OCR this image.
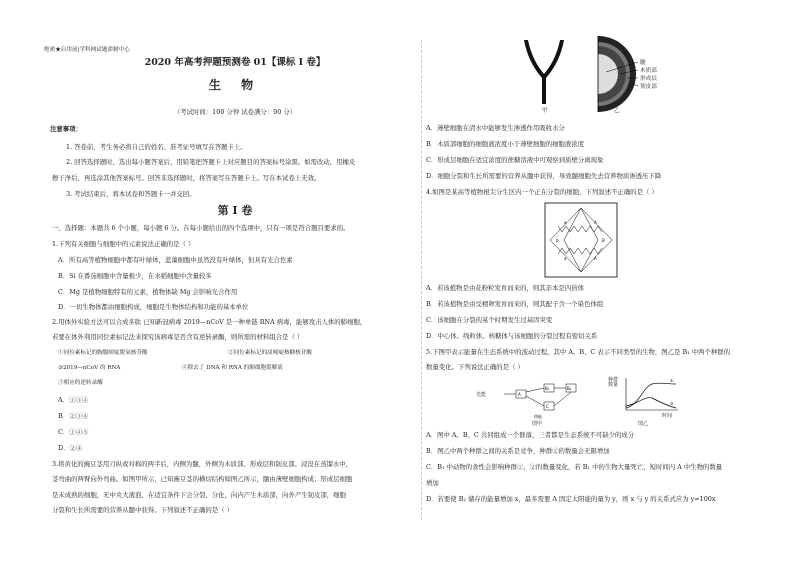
绝密★启用前|学科网试题命制中心
2020 年高考押题预测卷 01【课标 I 卷】
生 物
（考试时间：100 分钟 试卷满分：90 分）
注意事项：
1. 答卷前，考生务必将自己的姓名、准考证号填写在答题卡上。
2. 回答选择题时，选出每小题答案后，用铅笔把答题卡上对应题目的答案标号涂黑。如需改动，用橡皮
擦干净后，再选涂其他答案标号。回答非选择题时，将答案写在答题卡上。写在本试卷上无效。
3. 考试结束后，将本试卷和答题卡一并交回。
第 I 卷
一、选择题：本题共 6 个小题，每小题 6 分。在每小题给出的四个选项中，只有一项是符合题目要求的。
1.下列有关细胞与细胞中的元素说法正确的是（ ）
A．所有高等植物细胞中都有叶绿体，蓝藻细胞中虽然没有叶绿体，但具有光合色素
B．Si 在番茄细胞中含量极少，在水稻细胞中含量较多
C．Mg 是植物细胞特有的元素，植物体缺 Mg 会影响光合作用
D．一切生物体都由细胞构成，细胞是生物体结构和功能的基本单位
2.用体外实验方法可以合成多肽 已知新冠病毒 2019—nCoV 是一种单链 RNA 病毒，能够攻击人体的肺细胞，
若要在体外利用同位素标记法来探究该病毒是否含有逆转录酶，则所需的材料组合是（ ）
①同位素标记的胸腺嘧啶脱氧核苷酸	②同位素标记的尿嘧啶核糖核苷酸
③2019—nCoV 的 RNA	④除去了 DNA 和 RNA 的肺细胞裂解液
⑤相应的逆转录酶
A．①③④
B．②③④
C．①④⑤
D．②④
3.将黄化的豌豆茎用刀纵或对称的两半后，内侧为髓，外侧为木质部、形成层和韧皮部。浸没在蒸馏水中，
茎弯曲的两臂向外弯曲。如图甲所示，已知豌豆茎的横切结构如图乙所示，髓由薄壁细胞构成；形成层细胞
是未成熟的细胞，无中央大液泡，在适宜条件下会分裂、分化，向内产生木质部，向外产生韧皮部，细胞
分裂和生长所需要的营养从髓中获得。下列叙述不正确的是（ ）
甲	乙
髓
木质部
形成层
韧皮部
A．薄壁细胞在清水中能够发生渗透作用吸收水分
B．木质部细胞的细胞液浓度小于薄壁细胞的细胞液浓度
C．形成层细胞在适宜浓度的蔗糖溶液中可观察到质壁分离现象
D．细胞分裂和生长所需要的营养从髓中获得，导致髓细胞失去营养物质渗透压下降
4.如图是某高等植物根尖分生区内一个正在分裂的细胞，下列叙述不正确的是（ ）
b	B
a	A
a	A
A．若该植物是由花粉粒发育而来的，则其亲本是四倍体
B．若该植物是由受精卵发育而来的，则其配子含一个染色体组
C．该细胞在分裂的某个时期发生过基因突变
D．中心体、线粒体、核糖体与该细胞的分裂过程有密切关系
5.下图甲表示能量在生态系统中的流动过程，其中 A、B、C 表示不同类型的生物，图乙是 B₁ 中两个种群的
数量变化。下列说法正确的是（ ）
A
B₁	B₂
C
热能
光能
图甲
①
②
种群数量
时间
图乙
A．图中 A、B、C 共同组成一个群落，三者都是生态系统不可缺少的成分
B．图乙中两个种群之间的关系是竞争，种群②的数量会无限增加
C．B₁ 中动物的食性会影响种群①、②的数量变化，若 B₁ 中的生物大量死亡，短时间内 A 中生物的数量
增加
D．若要使 B₂ 储存的能量增加 x，最多需要 A 固定太阳能的量为 y，则 x 与 y 的关系式应为 y=100x
